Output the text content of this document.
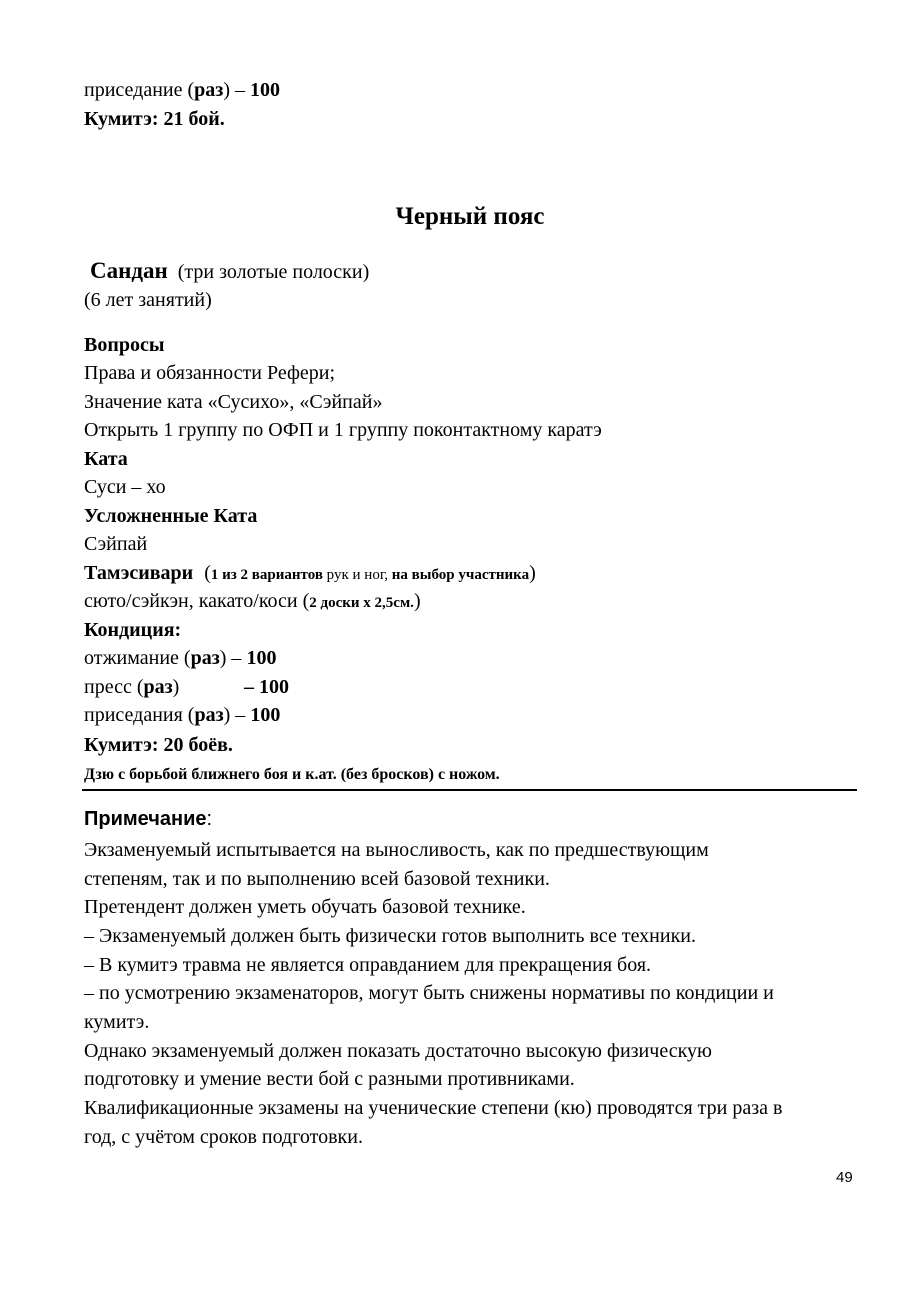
приседание (раз) – 100
Кумитэ: 21 бой.
Черный пояс
Сандан (три золотые полоски)
(6 лет занятий)
Вопросы
Права и обязанности Рефери;
Значение ката «Сусихо», «Сэйпай»
Открыть 1 группу по ОФП и 1 группу поконтактному каратэ
Ката
Суси – хо
Усложненные Ката
Сэйпай
Тамэсивари (1 из 2 вариантов рук и ног, на выбор участника)
сюто/сэйкэн, какато/коси (2 доски х 2,5см.)
Кондиция:
отжимание (раз) – 100
пресс (раз)	– 100
приседания (раз) – 100
Кумитэ: 20 боёв.
Дзю с борьбой ближнего боя и к.ат. (без бросков) с ножом.
Примечание:
Экзаменуемый испытывается на выносливость, как по предшествующим
степеням, так и по выполнению всей базовой техники.
Претендент должен уметь обучать базовой технике.
– Экзаменуемый должен быть физически готов выполнить все техники.
– В кумитэ травма не является оправданием для прекращения боя.
– по усмотрению экзаменаторов, могут быть снижены нормативы по кондиции и
кумитэ.
Однако экзаменуемый должен показать достаточно высокую физическую
подготовку и умение вести бой с разными противниками.
Квалификационные экзамены на ученические степени (кю) проводятся три раза в
год, с учётом сроков подготовки.
49
